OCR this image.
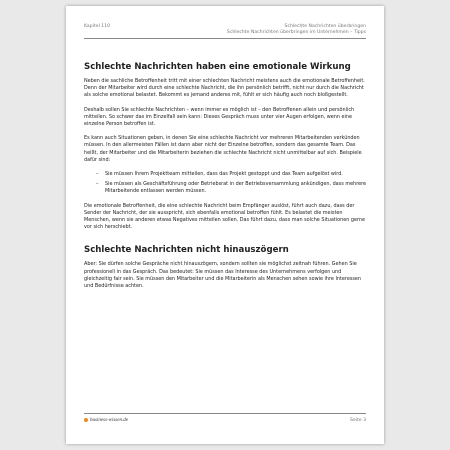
Kapitel 110	Schlechte Nachrichten überbringen
Schlechte Nachrichten überbringen im Unternehmen – Tipps
Schlechte Nachrichten haben eine emotionale Wirkung

Neben die sachliche Betroffenheit tritt mit einer schlechten Nachricht meistens auch die emotionale Betroffenheit. Denn der Mitarbeiter wird durch eine schlechte Nachricht, die ihn persönlich betrifft, nicht nur durch die Nachricht als solche emotional belastet. Bekommt es jemand anderes mit, fühlt er sich häufig auch noch bloßgestellt.

Deshalb sollen Sie schlechte Nachrichten – wenn immer es möglich ist – den Betroffenen allein und persönlich mitteilen. So schwer das im Einzelfall sein kann: Dieses Gespräch muss unter vier Augen erfolgen, wenn eine einzelne Person betroffen ist.

Es kann auch Situationen geben, in denen Sie eine schlechte Nachricht vor mehreren Mitarbeitenden verkünden müssen. In den allermeisten Fällen ist dann aber nicht der Einzelne betroffen, sondern das gesamte Team. Das heißt, der Mitarbeiter und die Mitarbeiterin beziehen die schlechte Nachricht nicht unmittelbar auf sich. Beispiele dafür sind:

– Sie müssen Ihrem Projektteam mitteilen, dass das Projekt gestoppt und das Team aufgelöst wird.
– Sie müssen als Geschäftsführung oder Betriebsrat in der Betriebsversammlung ankündigen, dass mehrere Mitarbeitende entlassen werden müssen.

Die emotionale Betroffenheit, die eine schlechte Nachricht beim Empfänger auslöst, führt auch dazu, dass der Sender der Nachricht, der sie ausspricht, sich ebenfalls emotional betroffen fühlt. Es belastet die meisten Menschen, wenn sie anderen etwas Negatives mitteilen sollen. Das führt dazu, dass man solche Situationen gerne vor sich herschiebt.

Schlechte Nachrichten nicht hinauszögern

Aber: Sie dürfen solche Gespräche nicht hinauszögern, sondern sollten sie möglichst zeitnah führen. Gehen Sie professionell in das Gespräch. Das bedeutet: Sie müssen das Interesse des Unternehmens verfolgen und gleichzeitig fair sein. Sie müssen den Mitarbeiter und die Mitarbeiterin als Menschen sehen sowie ihre Interessen und Bedürfnisse achten.

business-wissen.de	Seite 3
